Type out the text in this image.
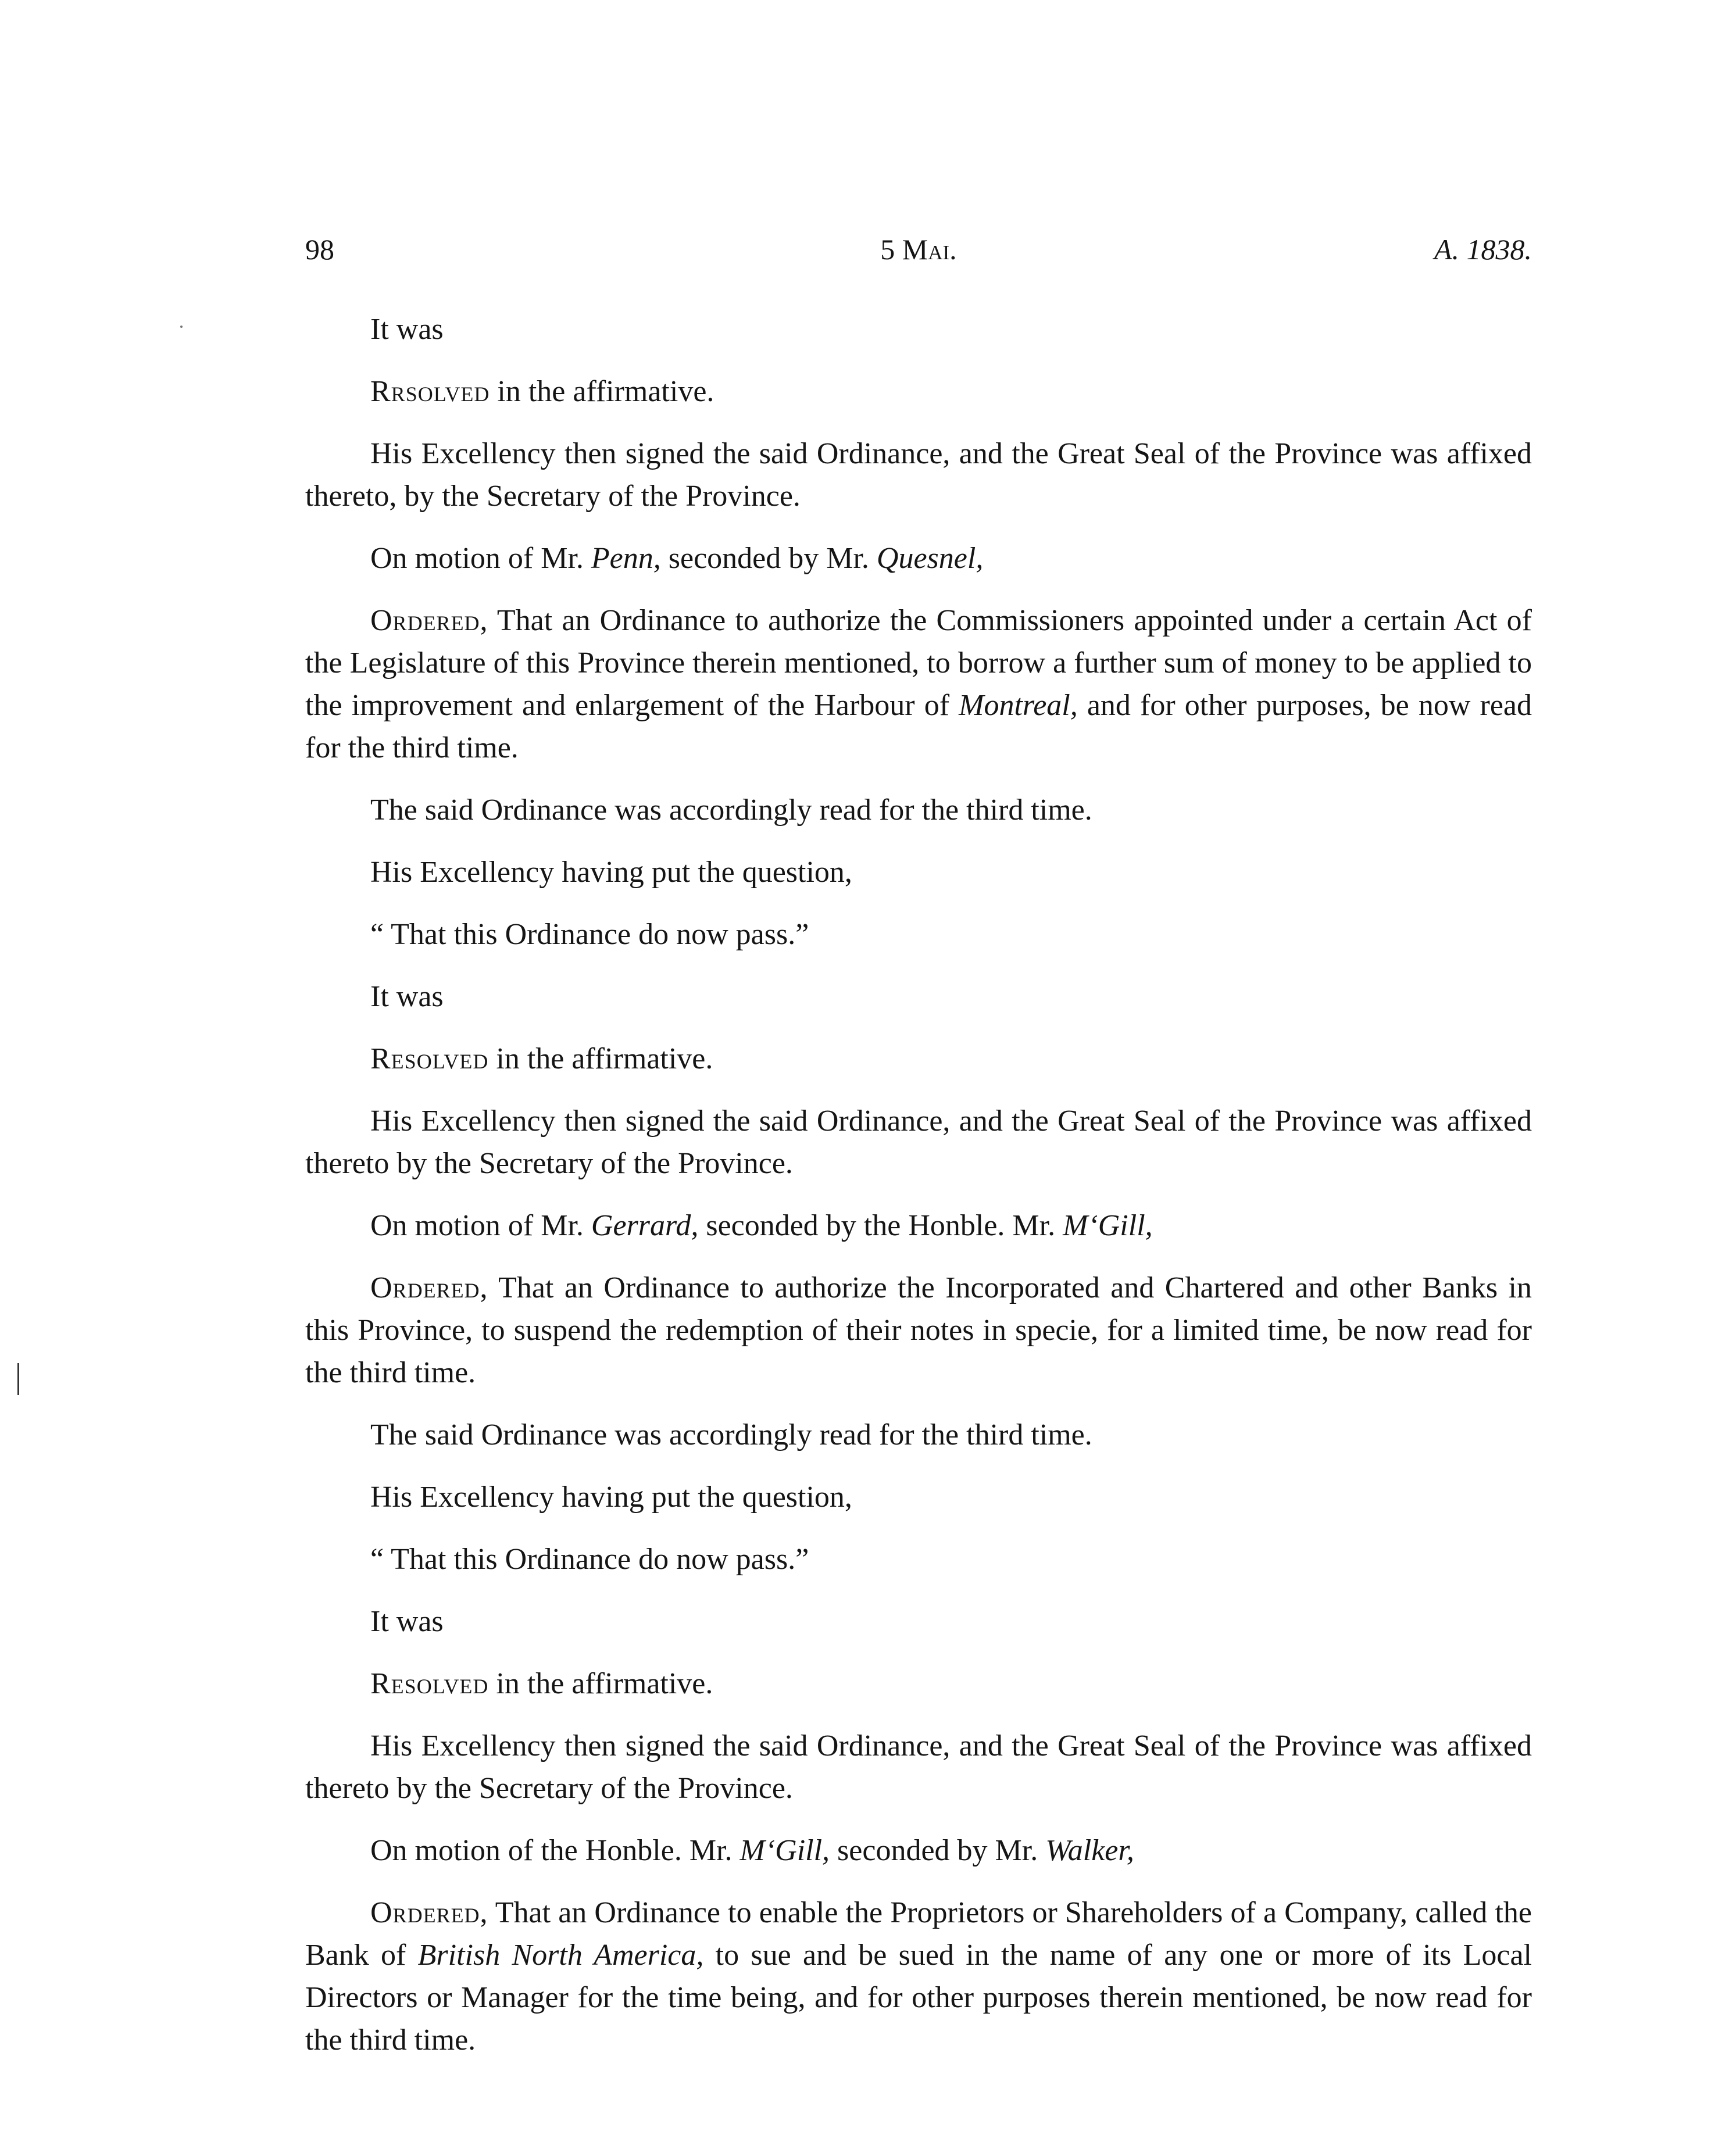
98	5 Mai.	A. 1838.

It was

Rrsolved in the affirmative.

His Excellency then signed the said Ordinance, and the Great Seal of the Province was affixed thereto, by the Secretary of the Province.

On motion of Mr. Penn, seconded by Mr. Quesnel,

Ordered, That an Ordinance to authorize the Commissioners appointed under a certain Act of the Legislature of this Province therein mentioned, to borrow a further sum of money to be applied to the improvement and enlargement of the Harbour of Montreal, and for other purposes, be now read for the third time.

The said Ordinance was accordingly read for the third time.

His Excellency having put the question,

“ That this Ordinance do now pass.”

It was

Resolved in the affirmative.

His Excellency then signed the said Ordinance, and the Great Seal of the Province was affixed thereto by the Secretary of the Province.

On motion of Mr. Gerrard, seconded by the Honble. Mr. M‘Gill,

Ordered, That an Ordinance to authorize the Incorporated and Chartered and other Banks in this Province, to suspend the redemption of their notes in specie, for a limited time, be now read for the third time.

The said Ordinance was accordingly read for the third time.

His Excellency having put the question,

“ That this Ordinance do now pass.”

It was

Resolved in the affirmative.

His Excellency then signed the said Ordinance, and the Great Seal of the Province was affixed thereto by the Secretary of the Province.

On motion of the Honble. Mr. M‘Gill, seconded by Mr. Walker,

Ordered, That an Ordinance to enable the Proprietors or Shareholders of a Company, called the Bank of British North America, to sue and be sued in the name of any one or more of its Local Directors or Manager for the time being, and for other purposes therein mentioned, be now read for the third time.
